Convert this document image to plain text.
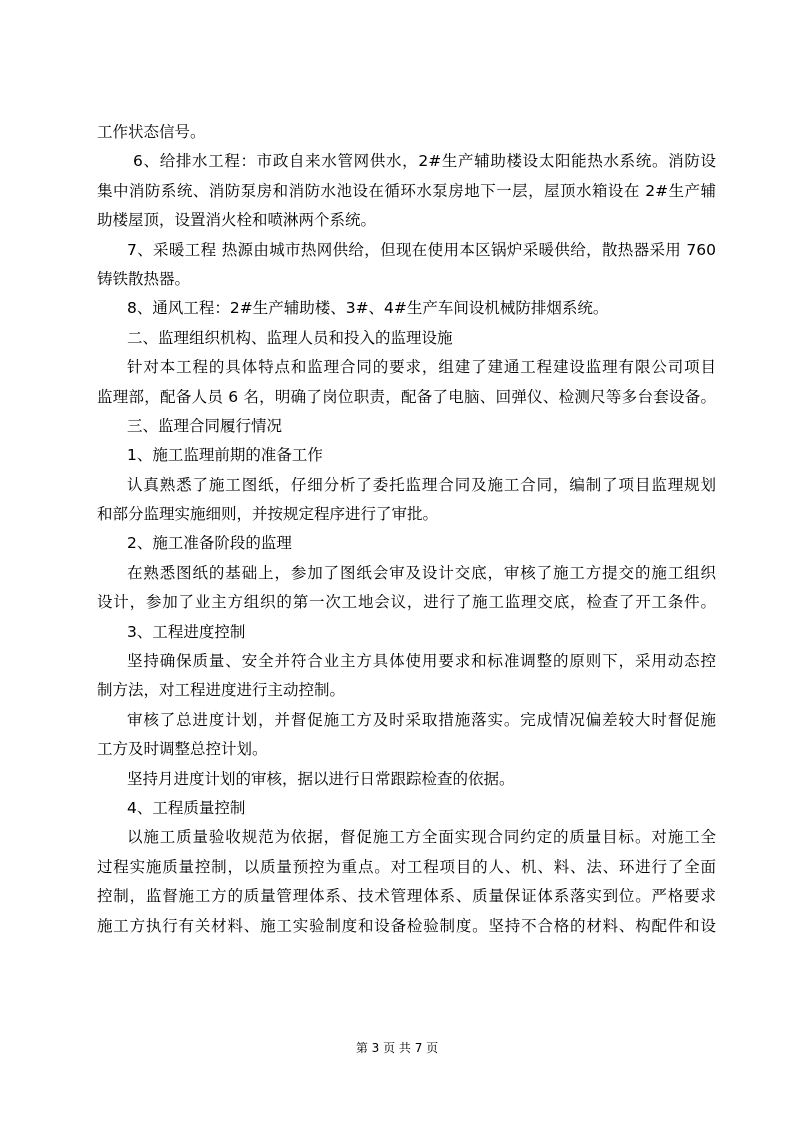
工作状态信号。
6、给排水工程：市政自来水管网供水，2#生产辅助楼设太阳能热水系统。消防设
集中消防系统、消防泵房和消防水池设在循环水泵房地下一层，屋顶水箱设在 2#生产辅
助楼屋顶，设置消火栓和喷淋两个系统。
7、采暖工程 热源由城市热网供给，但现在使用本区锅炉采暖供给，散热器采用 760
铸铁散热器。
8、通风工程：2#生产辅助楼、3#、4#生产车间设机械防排烟系统。
二、监理组织机构、监理人员和投入的监理设施
针对本工程的具体特点和监理合同的要求，组建了建通工程建设监理有限公司项目
监理部，配备人员 6 名，明确了岗位职责，配备了电脑、回弹仪、检测尺等多台套设备。
三、监理合同履行情况
1、施工监理前期的准备工作
认真熟悉了施工图纸，仔细分析了委托监理合同及施工合同，编制了项目监理规划
和部分监理实施细则，并按规定程序进行了审批。
2、施工准备阶段的监理
在熟悉图纸的基础上，参加了图纸会审及设计交底，审核了施工方提交的施工组织
设计，参加了业主方组织的第一次工地会议，进行了施工监理交底，检查了开工条件。
3、工程进度控制
坚持确保质量、安全并符合业主方具体使用要求和标准调整的原则下，采用动态控
制方法，对工程进度进行主动控制。
审核了总进度计划，并督促施工方及时采取措施落实。完成情况偏差较大时督促施
工方及时调整总控计划。
坚持月进度计划的审核，据以进行日常跟踪检查的依据。
4、工程质量控制
以施工质量验收规范为依据，督促施工方全面实现合同约定的质量目标。对施工全
过程实施质量控制，以质量预控为重点。对工程项目的人、机、料、法、环进行了全面
控制，监督施工方的质量管理体系、技术管理体系、质量保证体系落实到位。严格要求
施工方执行有关材料、施工实验制度和设备检验制度。坚持不合格的材料、构配件和设
第 3 页 共 7 页
